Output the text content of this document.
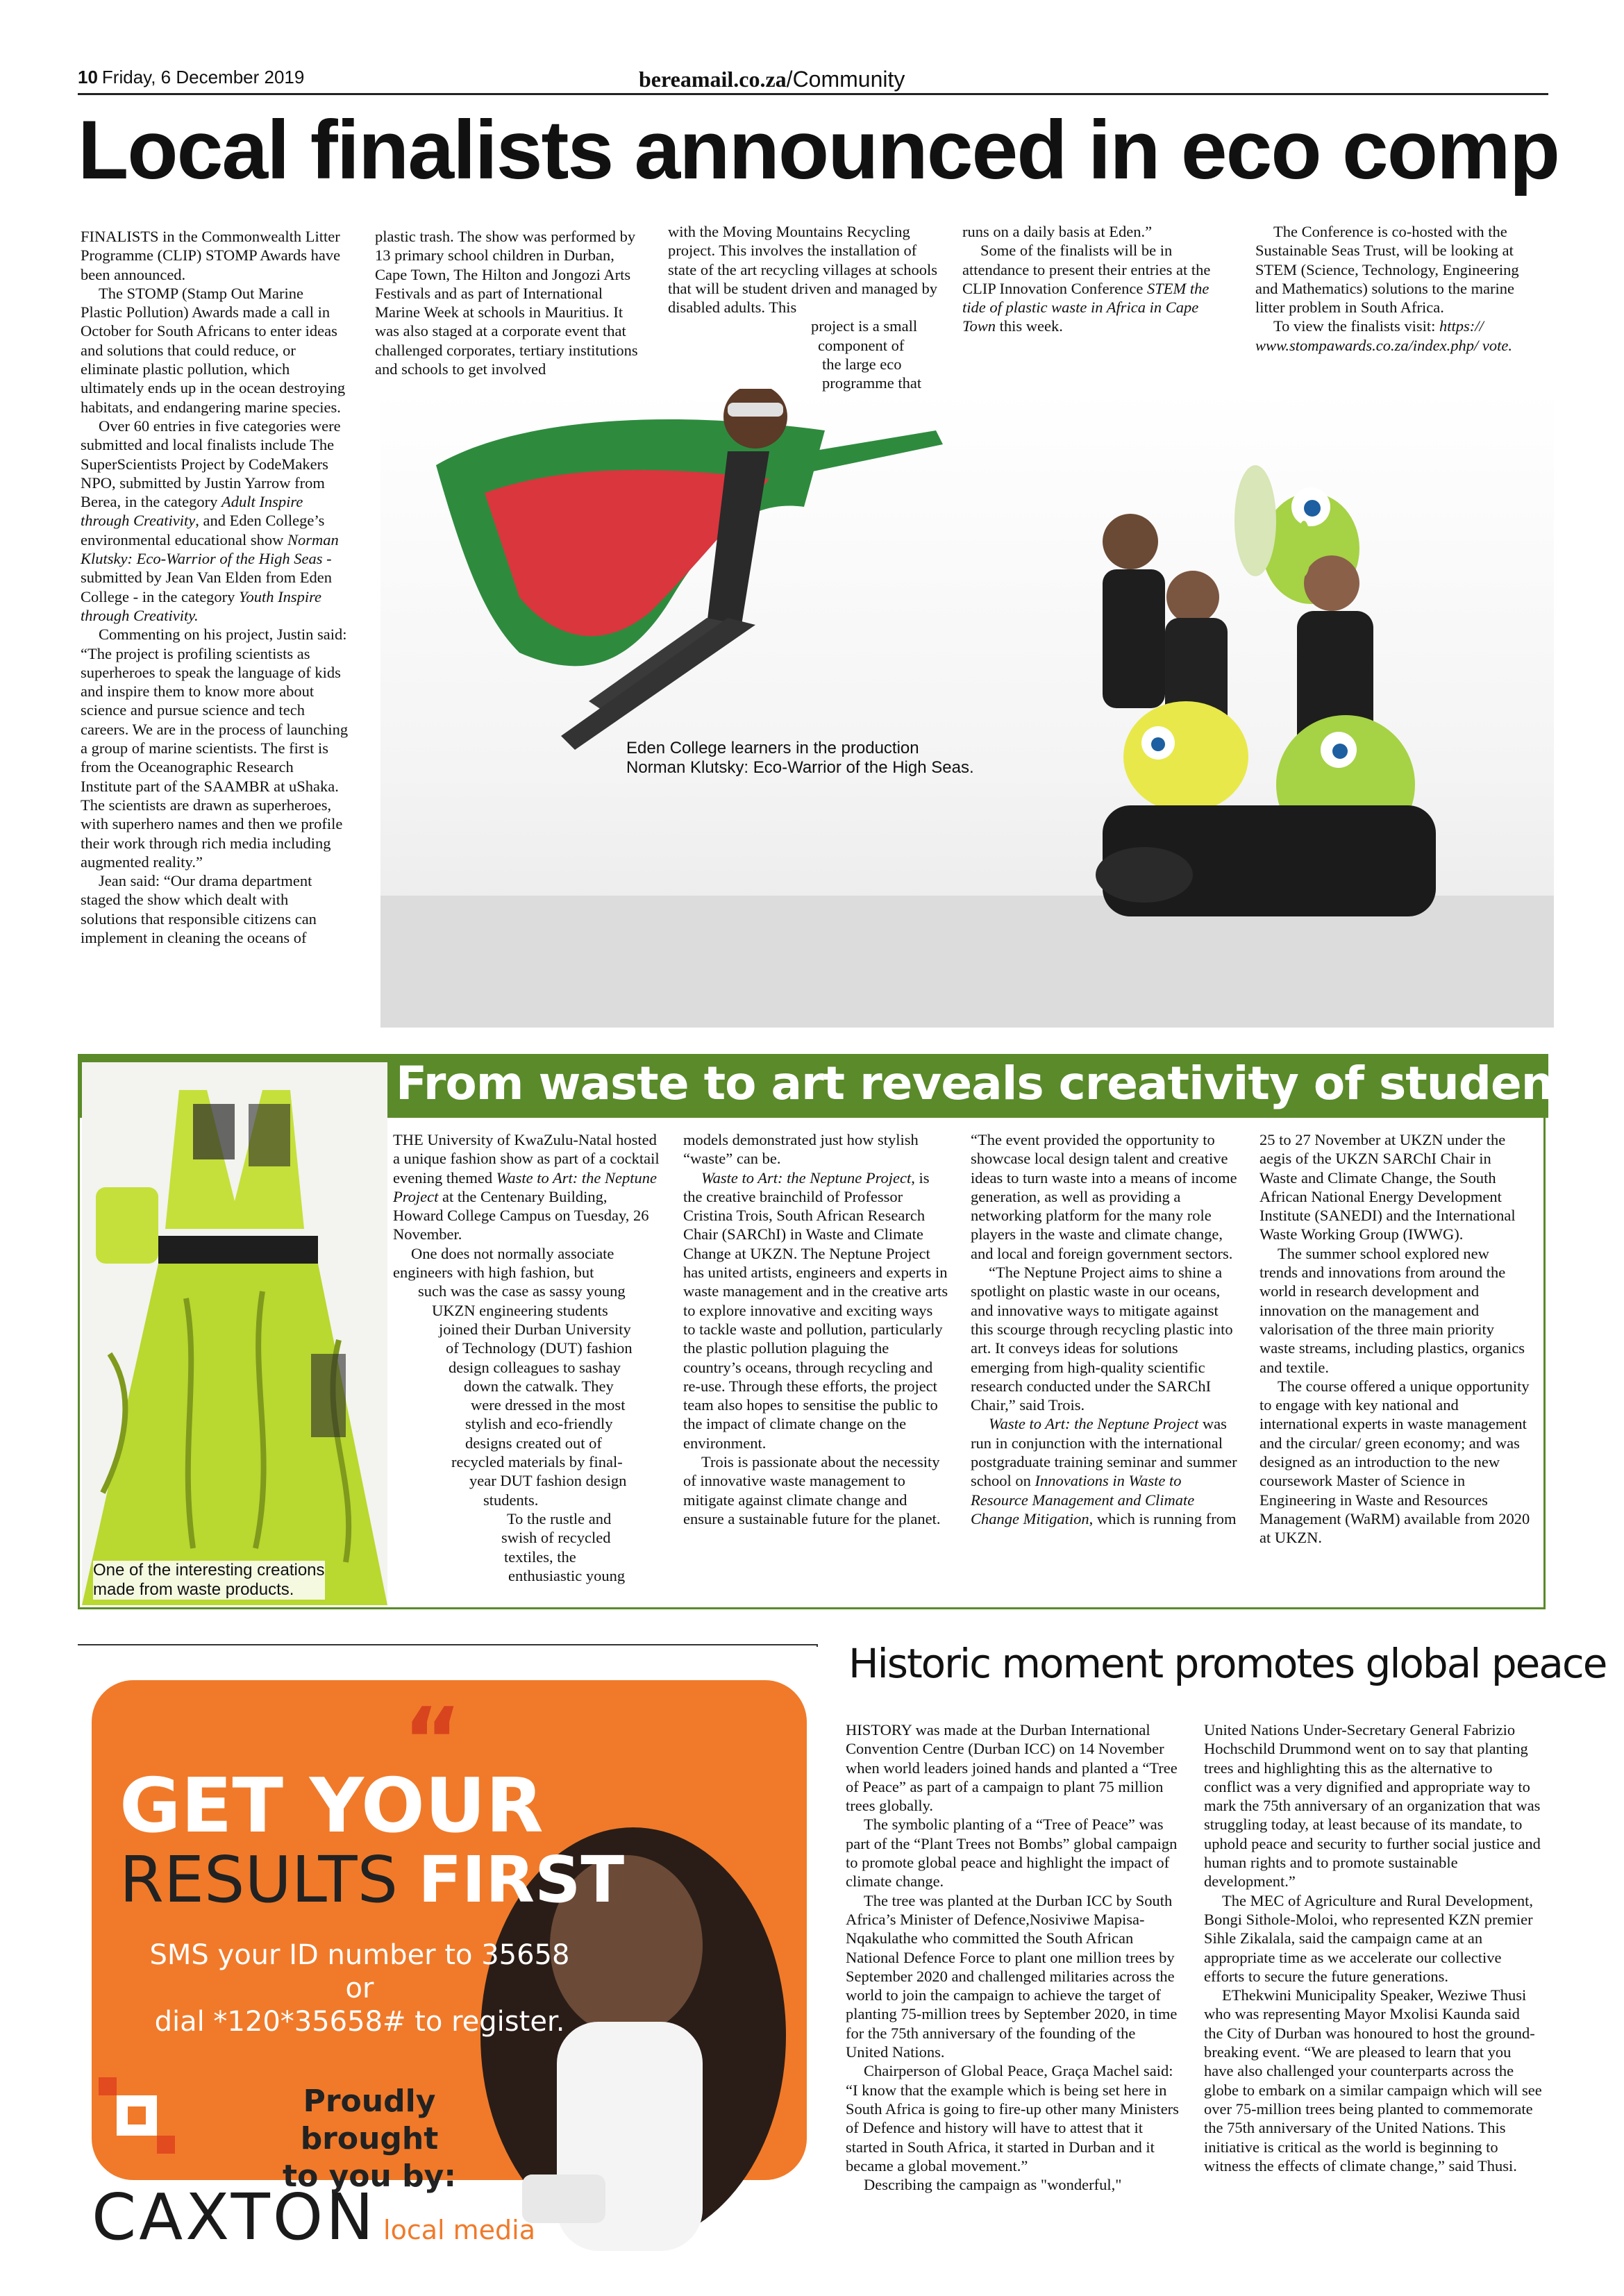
10 Friday, 6 December 2019	bereamail.co.za/Community
Local finalists announced in eco comp
Eden College learners in the production
Norman Klutsky: Eco-Warrior of the High Seas.

FINALISTS in the Commonwealth Litter Programme (CLIP) STOMP Awards have been announced.

The STOMP (Stamp Out Marine Plastic Pollution) Awards made a call in October for South Africans to enter ideas and solutions that could reduce, or eliminate plastic pollution, which ultimately ends up in the ocean destroying habitats, and endangering marine species.

Over 60 entries in five categories were submitted and local finalists include The SuperScientists Project by CodeMakers NPO, submitted by Justin Yarrow from Berea, in the category Adult Inspire through Creativity, and Eden College’s environmental educational show Norman Klutsky: Eco-Warrior of the High Seas - submitted by Jean Van Elden from Eden College - in the category Youth Inspire through Creativity.

Commenting on his project, Justin said: “The project is profiling scientists as superheroes to speak the language of kids and inspire them to know more about science and pursue science and tech careers. We are in the process of launching a group of marine scientists. The first is from the Oceanographic Research Institute part of the SAAMBR at uShaka. The scientists are drawn as superheroes, with superhero names and then we profile their work through rich media including augmented reality.”

Jean said: “Our drama department staged the show which dealt with solutions that responsible citizens can implement in cleaning the oceans of

plastic trash. The show was performed by 13 primary school children in Durban, Cape Town, The Hilton and Jongozi Arts Festivals and as part of International Marine Week at schools in Mauritius. It was also staged at a corporate event that challenged corporates, tertiary institutions and schools to get involved

with the Moving Mountains Recycling project. This involves the installation of state of the art recycling villages at schools that will be student driven and managed by disabled adults. This

project is a small

component of

the large eco

programme that

runs on a daily basis at Eden.”

Some of the finalists will be in attendance to present their entries at the CLIP Innovation Conference STEM the tide of plastic waste in Africa in Cape Town this week.

The Conference is co-hosted with the Sustainable Seas Trust, will be looking at STEM (Science, Technology, Engineering and Mathematics) solutions to the marine litter problem in South Africa.

To view the finalists visit: https:// www.stompawards.co.za/index.php/ vote.

From waste to art reveals creativity of students
One of the interesting creations
made from waste products.

THE University of KwaZulu-Natal hosted a unique fashion show as part of a cocktail evening themed Waste to Art: the Neptune Project at the Centenary Building, Howard College Campus on Tuesday, 26 November.

One does not normally associate engineers with high fashion, but

such was the case as sassy young

UKZN engineering students

joined their Durban University

of Technology (DUT) fashion

design colleagues to sashay

down the catwalk. They

were dressed in the most

stylish and eco-friendly

designs created out of

recycled materials by final-

year DUT fashion design

students.

To the rustle and

swish of recycled

textiles, the

enthusiastic young

models demonstrated just how stylish “waste” can be.

Waste to Art: the Neptune Project, is the creative brainchild of Professor Cristina Trois, South African Research Chair (SARChI) in Waste and Climate Change at UKZN. The Neptune Project has united artists, engineers and experts in waste management and in the creative arts to explore innovative and exciting ways to tackle waste and pollution, particularly the plastic pollution plaguing the country’s oceans, through recycling and re-use. Through these efforts, the project team also hopes to sensitise the public to the impact of climate change on the environment.

Trois is passionate about the necessity of innovative waste management to mitigate against climate change and ensure a sustainable future for the planet.

“The event provided the opportunity to showcase local design talent and creative ideas to turn waste into a means of income generation, as well as providing a networking platform for the many role players in the waste and climate change, and local and foreign government sectors.

“The Neptune Project aims to shine a spotlight on plastic waste in our oceans, and innovative ways to mitigate against this scourge through recycling plastic into art. It conveys ideas for solutions emerging from high-quality scientific research conducted under the SARChI Chair,” said Trois.

Waste to Art: the Neptune Project was run in conjunction with the international postgraduate training seminar and summer school on Innovations in Waste to Resource Management and Climate Change Mitigation, which is running from

25 to 27 November at UKZN under the aegis of the UKZN SARChI Chair in Waste and Climate Change, the South African National Energy Development Institute (SANEDI) and the International Waste Working Group (IWWG).

The summer school explored new trends and innovations from around the world in research development and innovation on the management and valorisation of the three main priority waste streams, including plastics, organics and textile.

The course offered a unique opportunity to engage with key national and international experts in waste management and the circular/ green economy; and was designed as an introduction to the new coursework Master of Science in Engineering in Waste and Resources Management (WaRM) available from 2020 at UKZN.

“
GET YOUR
RESULTS FIRST
SMS your ID number to 35658 or
dial *120*35658# to register.
Proudly brought
to you by:
CAXTON local media
Historic moment promotes global peace

HISTORY was made at the Durban International Convention Centre (Durban ICC) on 14 November when world leaders joined hands and planted a “Tree of Peace” as part of a campaign to plant 75 million trees globally.

The symbolic planting of a “Tree of Peace” was part of the “Plant Trees not Bombs” global campaign to promote global peace and highlight the impact of climate change.

The tree was planted at the Durban ICC by South Africa’s Minister of Defence,Nosiviwe Mapisa-Nqakulathe who committed the South African National Defence Force to plant one million trees by September 2020 and challenged militaries across the world to join the campaign to achieve the target of planting 75-million trees by September 2020, in time for the 75th anniversary of the founding of the United Nations.

Chairperson of Global Peace, Graça Machel said: “I know that the example which is being set here in South Africa is going to fire-up other many Ministers of Defence and history will have to attest that it started in South Africa, it started in Durban and it became a global movement.”

Describing the campaign as "wonderful,"

United Nations Under-Secretary General Fabrizio Hochschild Drummond went on to say that planting trees and highlighting this as the alternative to conflict was a very dignified and appropriate way to mark the 75th anniversary of an organization that was struggling today, at least because of its mandate, to uphold peace and security to further social justice and human rights and to promote sustainable development.”

The MEC of Agriculture and Rural Development, Bongi Sithole-Moloi, who represented KZN premier Sihle Zikalala, said the campaign came at an appropriate time as we accelerate our collective efforts to secure the future generations.

EThekwini Municipality Speaker, Weziwe Thusi who was representing Mayor Mxolisi Kaunda said the City of Durban was honoured to host the ground-breaking event. “We are pleased to learn that you have also challenged your counterparts across the globe to embark on a similar campaign which will see over 75-million trees being planted to commemorate the 75th anniversary of the United Nations. This initiative is critical as the world is beginning to witness the effects of climate change,” said Thusi.
